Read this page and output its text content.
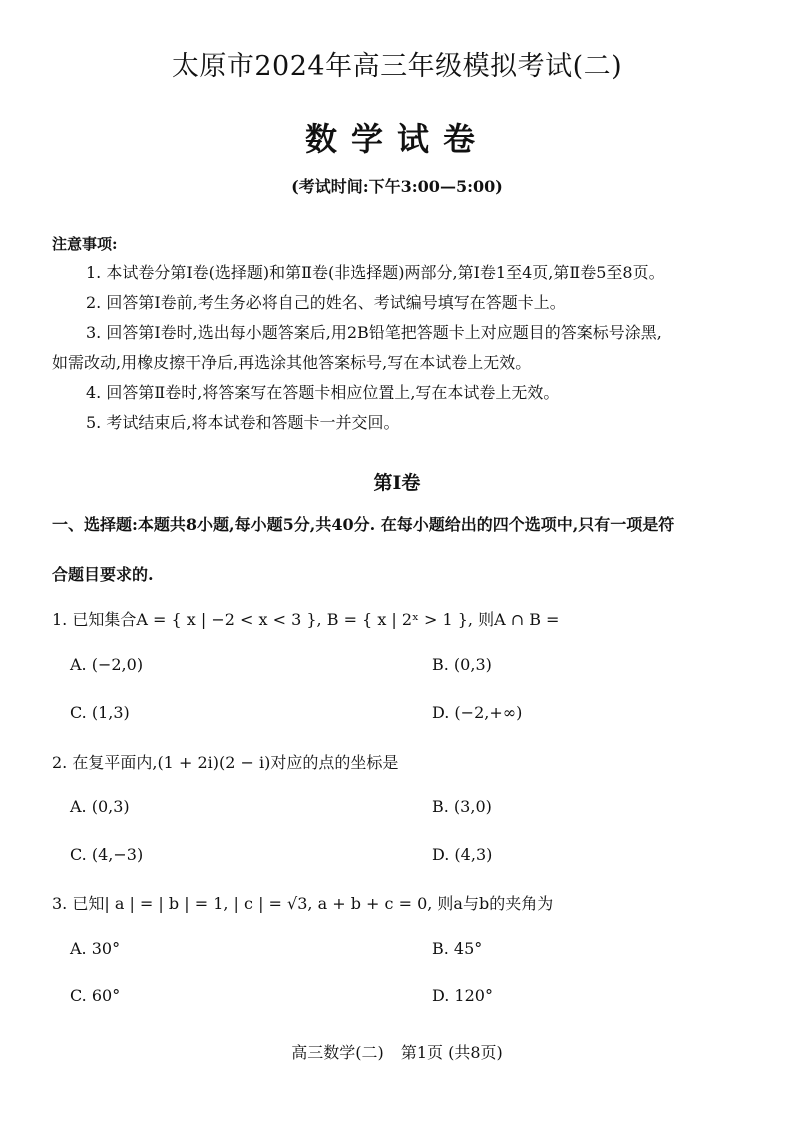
太原市2024年高三年级模拟考试(二)
数学试卷
(考试时间:下午3:00—5:00)
注意事项:
1. 本试卷分第Ⅰ卷(选择题)和第Ⅱ卷(非选择题)两部分,第Ⅰ卷1至4页,第Ⅱ卷5至8页。
2. 回答第Ⅰ卷前,考生务必将自己的姓名、考试编号填写在答题卡上。
3. 回答第Ⅰ卷时,选出每小题答案后,用2B铅笔把答题卡上对应题目的答案标号涂黑,
如需改动,用橡皮擦干净后,再选涂其他答案标号,写在本试卷上无效。
4. 回答第Ⅱ卷时,将答案写在答题卡相应位置上,写在本试卷上无效。
5. 考试结束后,将本试卷和答题卡一并交回。
第Ⅰ卷
一、选择题:本题共8小题,每小题5分,共40分. 在每小题给出的四个选项中,只有一项是符
合题目要求的.
1. 已知集合A = { x | −2 < x < 3 }, B = { x | 2ˣ > 1 }, 则A ∩ B =
A. (−2,0)	B. (0,3)
C. (1,3)	D. (−2,+∞)
2. 在复平面内,(1 + 2i)(2 − i)对应的点的坐标是
A. (0,3)	B. (3,0)
C. (4,−3)	D. (4,3)
3. 已知| a | = | b | = 1, | c | = √3, a + b + c = 0, 则a与b的夹角为
A. 30°	B. 45°
C. 60°	D. 120°
高三数学(二) 第1页 (共8页)
